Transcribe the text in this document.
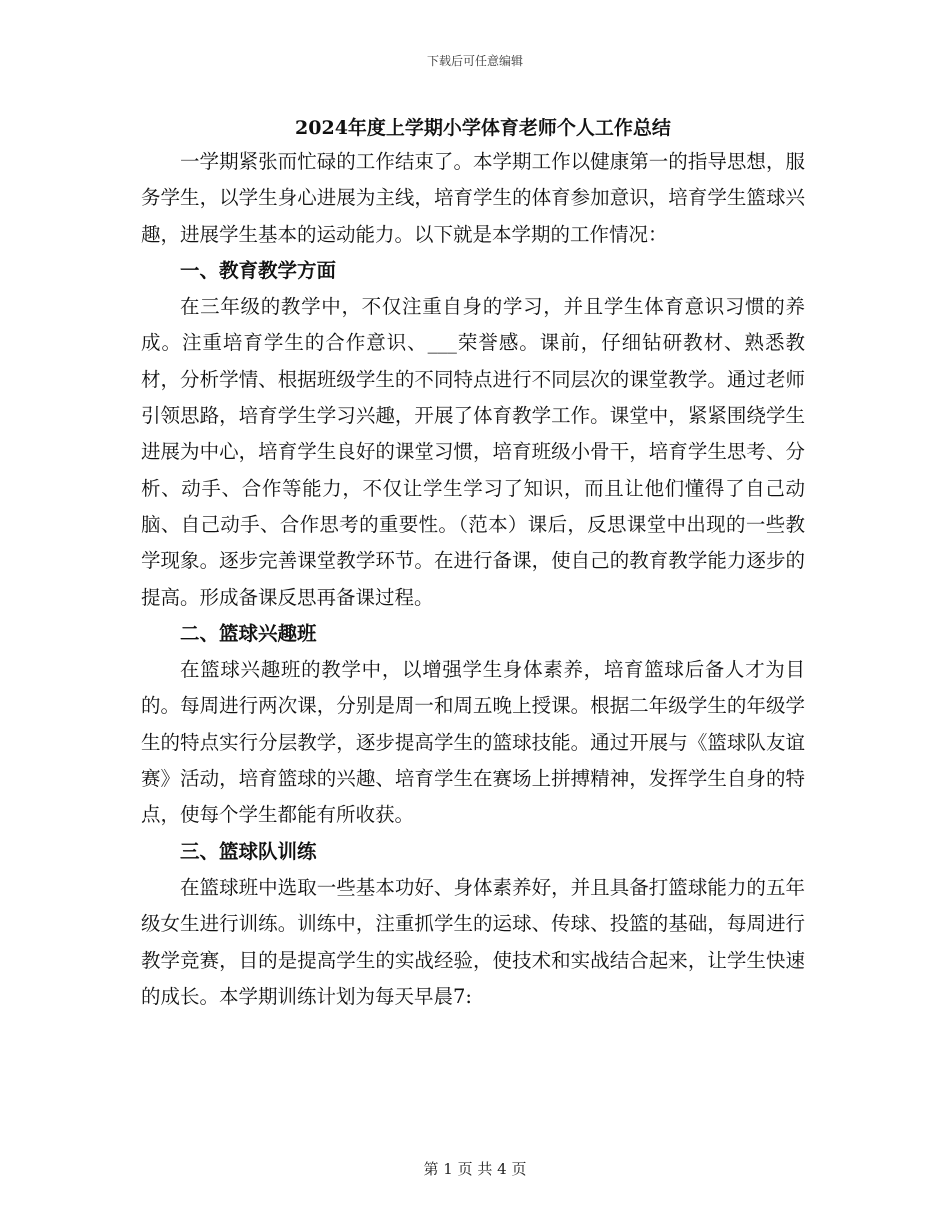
下载后可任意编辑
2024年度上学期小学体育老师个人工作总结

一学期紧张而忙碌的工作结束了。本学期工作以健康第一的指导思想，服务学生，以学生身心进展为主线，培育学生的体育参加意识，培育学生篮球兴趣，进展学生基本的运动能力。以下就是本学期的工作情况：

一、教育教学方面

在三年级的教学中，不仅注重自身的学习，并且学生体育意识习惯的养成。注重培育学生的合作意识、___荣誉感。课前，仔细钻研教材、熟悉教材，分析学情、根据班级学生的不同特点进行不同层次的课堂教学。通过老师引领思路，培育学生学习兴趣，开展了体育教学工作。课堂中，紧紧围绕学生进展为中心，培育学生良好的课堂习惯，培育班级小骨干，培育学生思考、分析、动手、合作等能力，不仅让学生学习了知识，而且让他们懂得了自己动脑、自己动手、合作思考的重要性。（范本）课后，反思课堂中出现的一些教学现象。逐步完善课堂教学环节。在进行备课，使自己的教育教学能力逐步的提高。形成备课反思再备课过程。

二、篮球兴趣班

在篮球兴趣班的教学中，以增强学生身体素养，培育篮球后备人才为目的。每周进行两次课，分别是周一和周五晚上授课。根据二年级学生的年级学生的特点实行分层教学，逐步提高学生的篮球技能。通过开展与《篮球队友谊赛》活动，培育篮球的兴趣、培育学生在赛场上拼搏精神，发挥学生自身的特点，使每个学生都能有所收获。

三、篮球队训练

在篮球班中选取一些基本功好、身体素养好，并且具备打篮球能力的五年级女生进行训练。训练中，注重抓学生的运球、传球、投篮的基础，每周进行教学竞赛，目的是提高学生的实战经验，使技术和实战结合起来，让学生快速的成长。本学期训练计划为每天早晨7:

第 1 页 共 4 页
